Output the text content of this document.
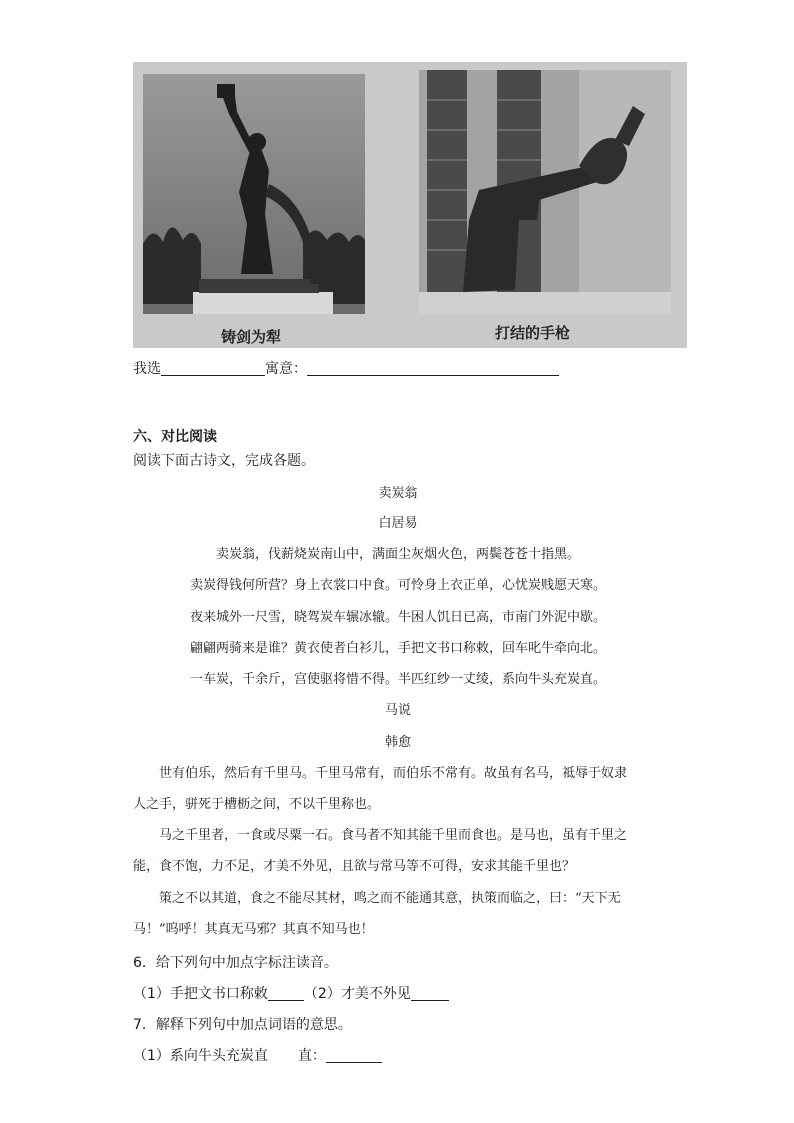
铸剑为犁	打结的手枪
我选	寓意：
六、对比阅读
阅读下面古诗文，完成各题。
卖炭翁
白居易
卖炭翁，伐薪烧炭南山中，满面尘灰烟火色，两鬓苍苍十指黑。
卖炭得钱何所营？身上衣裳口中食。可怜身上衣正单，心忧炭贱愿天寒。
夜来城外一尺雪，晓驾炭车辗冰辙。牛困人饥日已高，市南门外泥中歇。
翩翩两骑来是谁？黄衣使者白衫儿，手把文书口称敕，回车叱牛牵向北。
一车炭，千余斤，宫使驱将惜不得。半匹红纱一丈绫，系向牛头充炭直。
马说
韩愈
世有伯乐，然后有千里马。千里马常有，而伯乐不常有。故虽有名马，祗辱于奴隶
人之手，骈死于槽枥之间，不以千里称也。
马之千里者，一食或尽粟一石。食马者不知其能千里而食也。是马也，虽有千里之
能，食不饱，力不足，才美不外见，且欲与常马等不可得，安求其能千里也？
策之不以其道，食之不能尽其材，鸣之而不能通其意，执策而临之，曰：“天下无
马！”呜呼！其真无马邪？其真不知马也！
6．给下列句中加点字标注读音。
（1）手把文书口称敕	（2）才美不外见
7．解释下列句中加点词语的意思。
（1）系向牛头充炭直 直：
